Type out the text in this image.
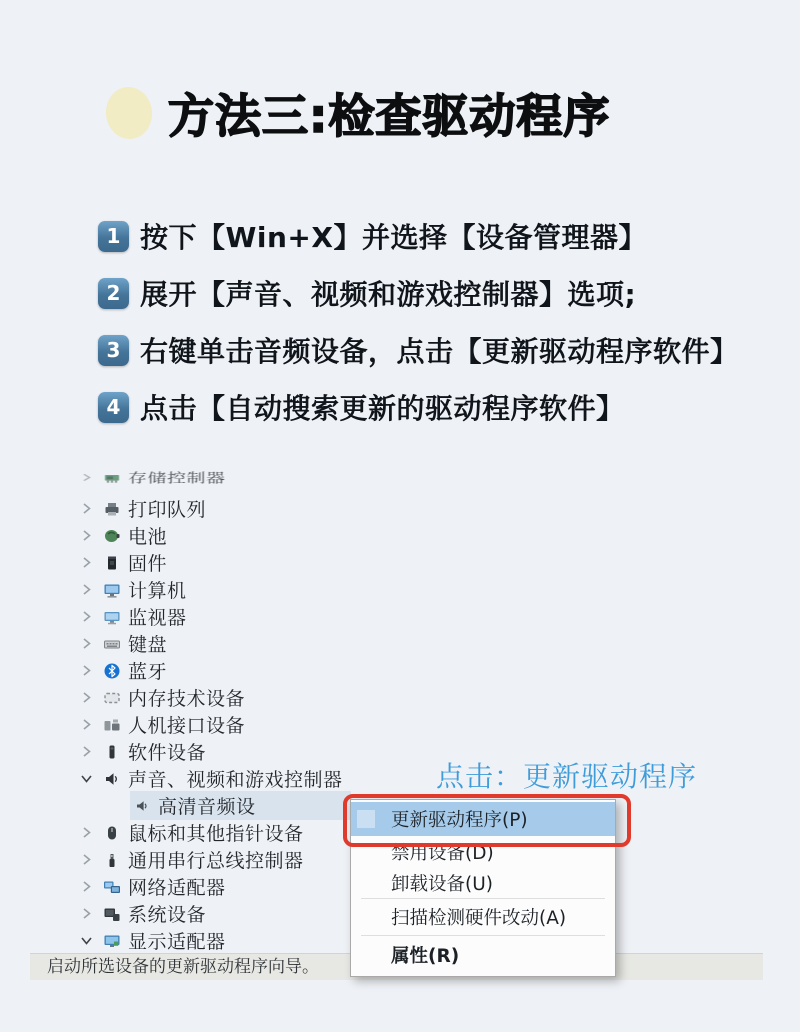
方法三:检查驱动程序
1 按下【Win+X】并选择【设备管理器】
2 展开【声音、视频和游戏控制器】选项;
3 右键单击音频设备，点击【更新驱动程序软件】
4 点击【自动搜索更新的驱动程序软件】
存储控制器
打印队列
电池
固件
计算机
监视器
键盘
蓝牙
内存技术设备
人机接口设备
软件设备
声音、视频和游戏控制器
高清音频设
鼠标和其他指针设备
通用串行总线控制器
网络适配器
系统设备
显示适配器
点击：更新驱动程序
启动所选设备的更新驱动程序向导。
更新驱动程序(P)
禁用设备(D)
卸载设备(U)
扫描检测硬件改动(A)
属性(R)
